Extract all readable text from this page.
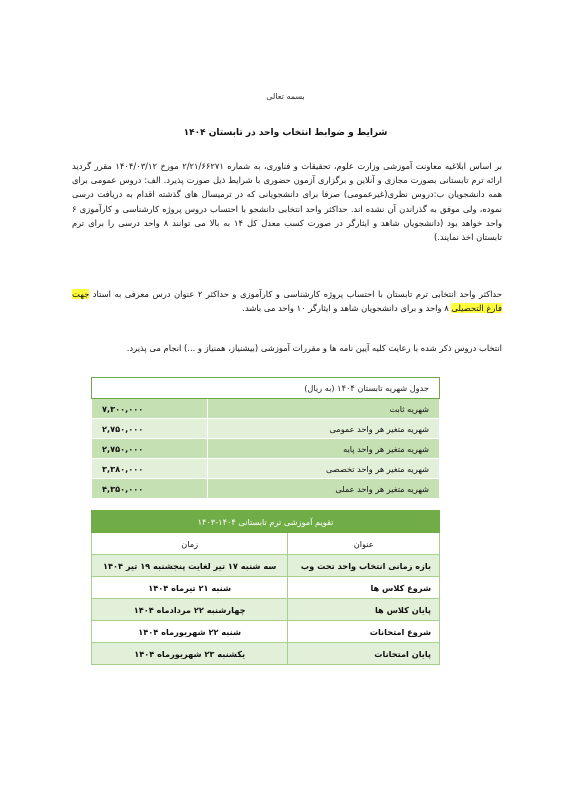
بسمه تعالی
شرایط و ضوابط انتخاب واحد در تابستان ۱۴۰۴

بر اساس ابلاغیه معاونت آموزشی وزارت علوم، تحقیقات و فناوری، به شماره ۲/۲۱/۶۶۲۷۱ مورخ ۱۴۰۴/۰۳/۱۲ مقرر گردید ارائه ترم تابستانی بصورت مجازی و آنلاین و برگزاری آزمون حضوری با شرایط ذیل صورت پذیرد. الف: دروس عمومی برای همه دانشجویان ب:دروس نظری(غیرعمومی) صرفا برای دانشجویانی که در ترمیسال های گذشته اقدام به دریافت درسی نموده، ولی موفق به گذراندن آن نشده اند. حداکثر واحد انتخابی دانشجو با احتساب دروس پروژه کارشناسی و کارآموزی ۶ واحد خواهد بود (دانشجویان شاهد و ایثارگر در صورت کسب معدل کل ۱۴ به بالا می توانند ۸ واحد درسی را برای ترم تابستان اخذ نمایند.)

حداکثر واحد انتخابی ترم تابستان با احتساب پروژه کارشناسی و کارآموزی و حداکثر ۲ عنوان درس معرفی به استاد جهت فارغ التحصیلی ۸ واحد و برای دانشجویان شاهد و ایثارگر ۱۰ واحد می باشد.

انتخاب دروس ذکر شده با رعایت کلیه آیین نامه ها و مقررات آموزشی (بیشنیاز، همنیاز و ...) انجام می پذیرد.

جدول شهریه تابستان ۱۴۰۴ (به ریال)	
شهریه ثابت	۷,۳۰۰,۰۰۰
شهریه متغیر هر واحد عمومی	۲,۷۵۰,۰۰۰
شهریه متغیر هر واحد پایه	۲,۷۵۰,۰۰۰
شهریه متغیر هر واحد تخصصی	۳,۳۸۰,۰۰۰
شهریه متغیر هر واحد عملی	۴,۳۵۰,۰۰۰
تقویم آموزشی ترم تابستانی ۱۴۰۴-۱۴۰۳	
عنوان	زمان
بازه زمانی انتخاب واحد تحت وب	سه شنبه ۱۷ تیر لغایت پنجشنبه ۱۹ تیر ۱۴۰۴
شروع کلاس ها	شنبه ۲۱ تیرماه ۱۴۰۴
پایان کلاس ها	چهارشنبه ۲۲ مردادماه ۱۴۰۴
شروع امتحانات	شنبه ۲۲ شهریورماه ۱۴۰۴
پایان امتحانات	یکشنبه ۲۳ شهریورماه ۱۴۰۴
